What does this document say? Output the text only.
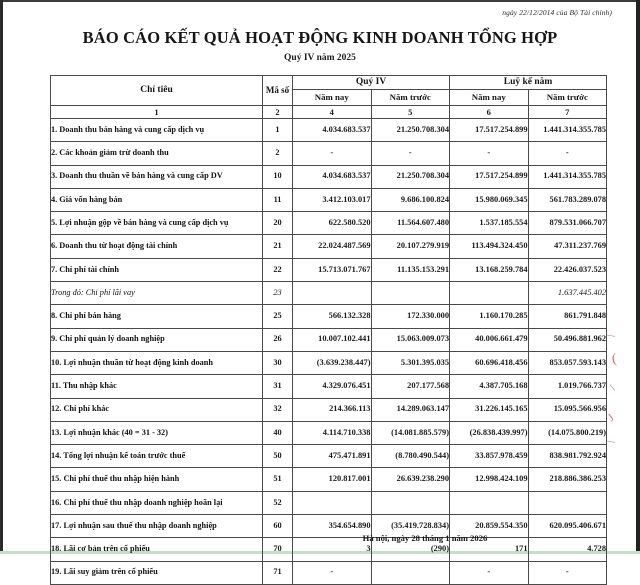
ngày 22/12/2014 của Bộ Tài chính)
BÁO CÁO KẾT QUẢ HOẠT ĐỘNG KINH DOANH TỔNG HỢP
Quý IV năm 2025
Chỉ tiêu	Mã số	Quý IV		Luỹ kế năm	
		Năm nay	Năm trước	Năm nay	Năm trước
1	2	4	5	6	7
1. Doanh thu bán hàng và cung cấp dịch vụ	1	4.034.683.537	21.250.708.304	17.517.254.899	1.441.314.355.785
2. Các khoản giảm trừ doanh thu	2	-	-	-	-
3. Doanh thu thuần về bán hàng và cung cấp DV	10	4.034.683.537	21.250.708.304	17.517.254.899	1.441.314.355.785
4. Giá vốn hàng bán	11	3.412.103.017	9.686.100.824	15.980.069.345	561.783.289.078
5. Lợi nhuận gộp về bán hàng và cung cấp dịch vụ	20	622.580.520	11.564.607.480	1.537.185.554	879.531.066.707
6. Doanh thu từ hoạt động tài chính	21	22.024.487.569	20.107.279.919	113.494.324.450	47.311.237.769
7. Chi phí tài chính	22	15.713.071.767	11.135.153.291	13.168.259.784	22.426.037.523
Trong đó: Chi phí lãi vay	23				1.637.445.402
8. Chi phí bán hàng	25	566.132.328	172.330.000	1.160.170.285	861.791.848
9. Chi phí quản lý doanh nghiệp	26	10.007.102.441	15.063.009.073	40.006.661.479	50.496.881.962
10. Lợi nhuận thuần từ hoạt động kinh doanh	30	(3.639.238.447)	5.301.395.035	60.696.418.456	853.057.593.143
11. Thu nhập khác	31	4.329.076.451	207.177.568	4.387.705.168	1.019.766.737
12. Chi phí khác	32	214.366.113	14.289.063.147	31.226.145.165	15.095.566.956
13. Lợi nhuận khác (40 = 31 - 32)	40	4.114.710.338	(14.081.885.579)	(26.838.439.997)	(14.075.800.219)
14. Tổng lợi nhuận kế toán trước thuế	50	475.471.891	(8.780.490.544)	33.857.978.459	838.981.792.924
15. Chi phí thuế thu nhập hiện hành	51	120.817.001	26.639.238.290	12.998.424.109	218.886.386.253
16. Chi phí thuế thu nhập doanh nghiệp hoãn lại	52				
17. Lợi nhuận sau thuế thu nhập doanh nghiệp	60	354.654.890	(35.419.728.834)	20.859.554.350	620.095.406.671
18. Lãi cơ bản trên cổ phiếu	70	3	(290)	171	4.728
19. Lãi suy giảm trên cổ phiếu	71	-		-	-
\
(
\
J
\
Hà nội, ngày 28 tháng 1 năm 2026
